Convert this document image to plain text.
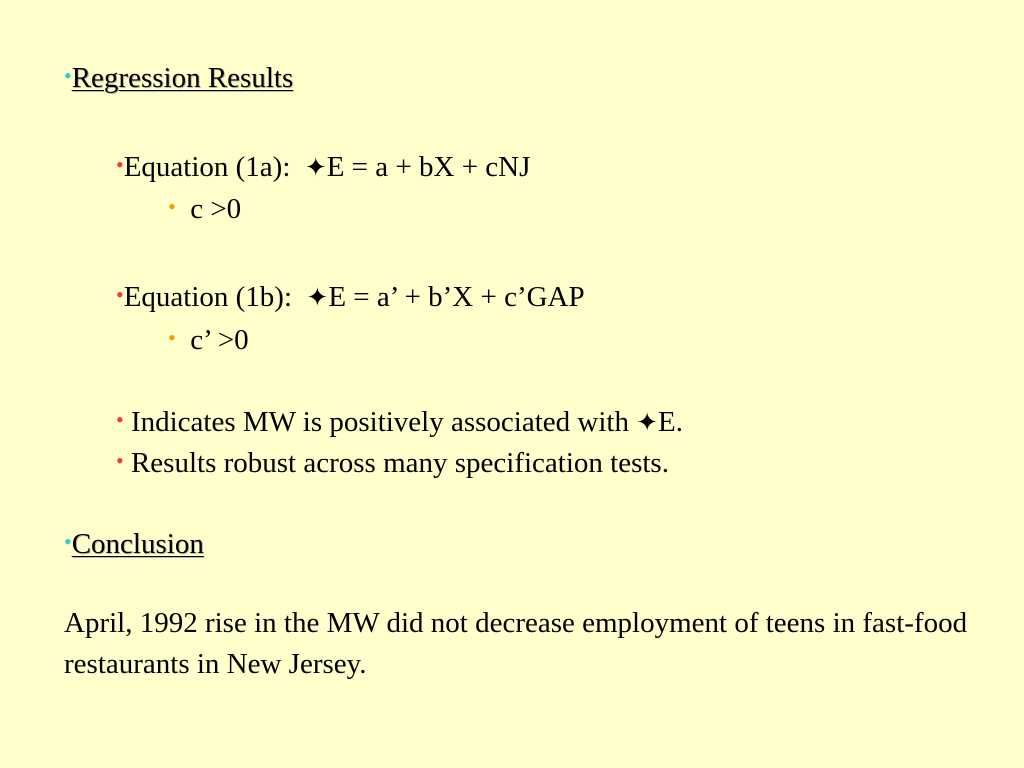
•Regression Results
•Equation (1a): ✦E = a + bX + cNJ
• c >0
•Equation (1b): ✦E = a’ + b’X + c’GAP
• c’ >0
• Indicates MW is positively associated with ✦E.
• Results robust across many specification tests.
•Conclusion
April, 1992 rise in the MW did not decrease employment of teens in fast-food restaurants in New Jersey.
